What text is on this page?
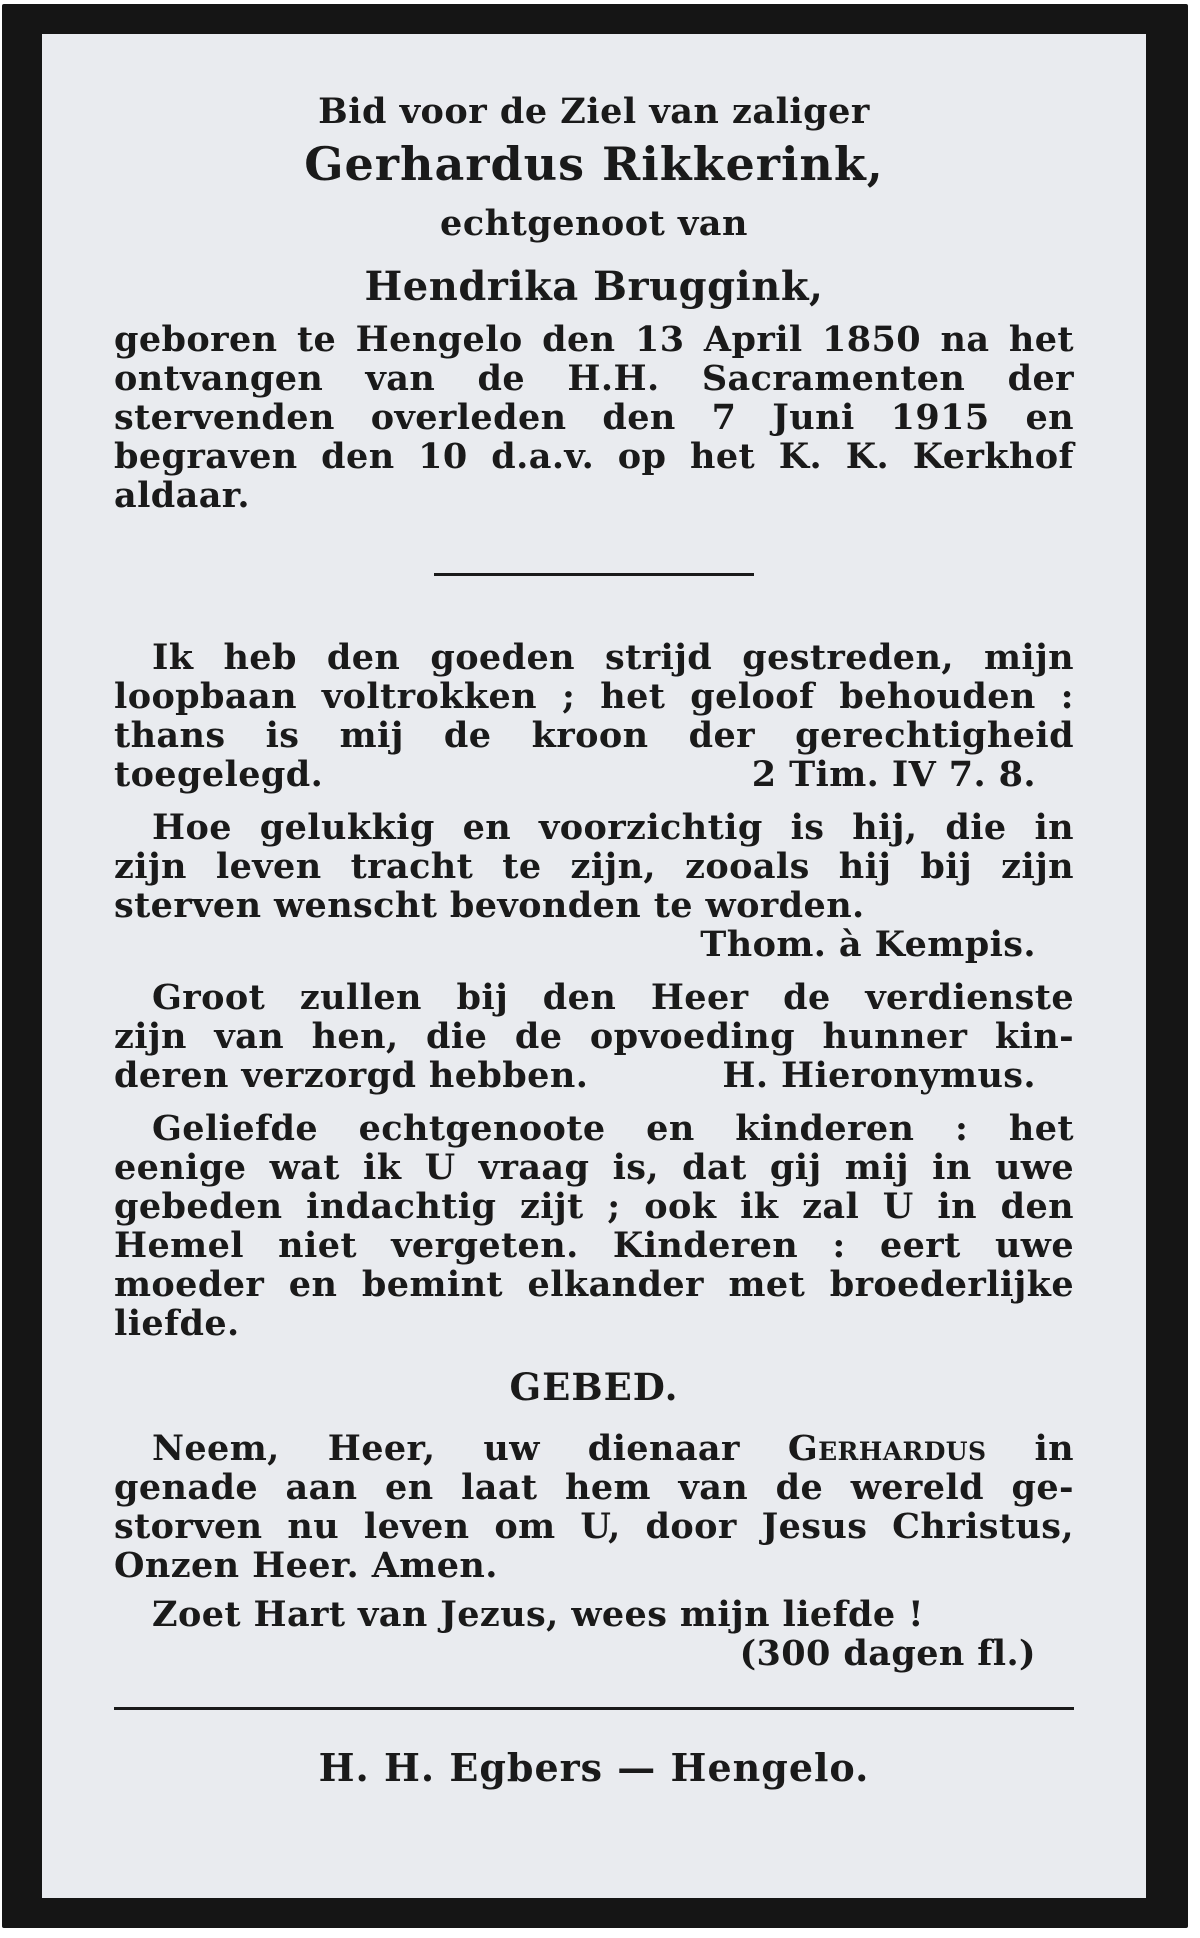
Bid voor de Ziel van zaliger

Gerhardus Rikkerink,

echtgenoot van

Hendrika Bruggink,

geboren te Hengelo den 13 April 1850 na het
ontvangen van de H.H. Sacramenten der
stervenden overleden den 7 Juni 1915 en
begraven den 10 d.a.v. op het K. K. Kerkhof
aldaar.
Ik heb den goeden strijd gestreden, mijn
loopbaan voltrokken ; het geloof behouden :
thans is mij de kroon der gerechtigheid
toegelegd.	2 Tim. IV 7. 8.
Hoe gelukkig en voorzichtig is hij, die in
zijn leven tracht te zijn, zooals hij bij zijn
sterven wenscht bevonden te worden.
Thom. à Kempis.
Groot zullen bij den Heer de verdienste
zijn van hen, die de opvoeding hunner kin-
deren verzorgd hebben.	H. Hieronymus.
Geliefde echtgenoote en kinderen : het
eenige wat ik U vraag is, dat gij mij in uwe
gebeden indachtig zijt ; ook ik zal U in den
Hemel niet vergeten. Kinderen : eert uwe
moeder en bemint elkander met broederlijke
liefde.
GEBED.
Neem, Heer, uw dienaar Gerhardus in
genade aan en laat hem van de wereld ge-
storven nu leven om U, door Jesus Christus,
Onzen Heer. Amen.
Zoet Hart van Jezus, wees mijn liefde !
(300 dagen fl.)
H. H. Egbers — Hengelo.
